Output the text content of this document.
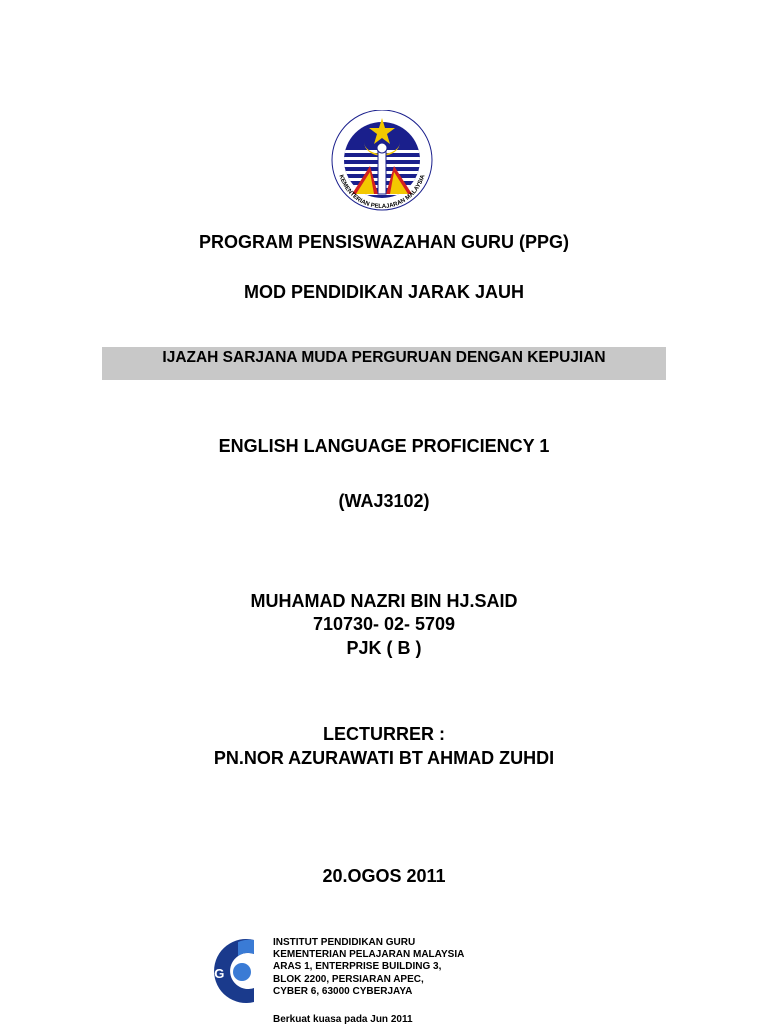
KEMENTERIAN PELAJARAN MALAYSIA
PROGRAM PENSISWAZAHAN GURU (PPG)
MOD PENDIDIKAN JARAK JAUH
IJAZAH SARJANA MUDA PERGURUAN DENGAN KEPUJIAN
ENGLISH LANGUAGE PROFICIENCY 1
(WAJ3102)
MUHAMAD NAZRI BIN HJ.SAID
710730- 02- 5709
PJK ( B )
LECTURRER :
PN.NOR AZURAWATI BT AHMAD ZUHDI
20.OGOS 2011
iPG
INSTITUT PENDIDIKAN GURU
KEMENTERIAN PELAJARAN MALAYSIA
ARAS 1, ENTERPRISE BUILDING 3,
BLOK 2200, PERSIARAN APEC,
CYBER 6, 63000 CYBERJAYA
Berkuat kuasa pada Jun 2011
